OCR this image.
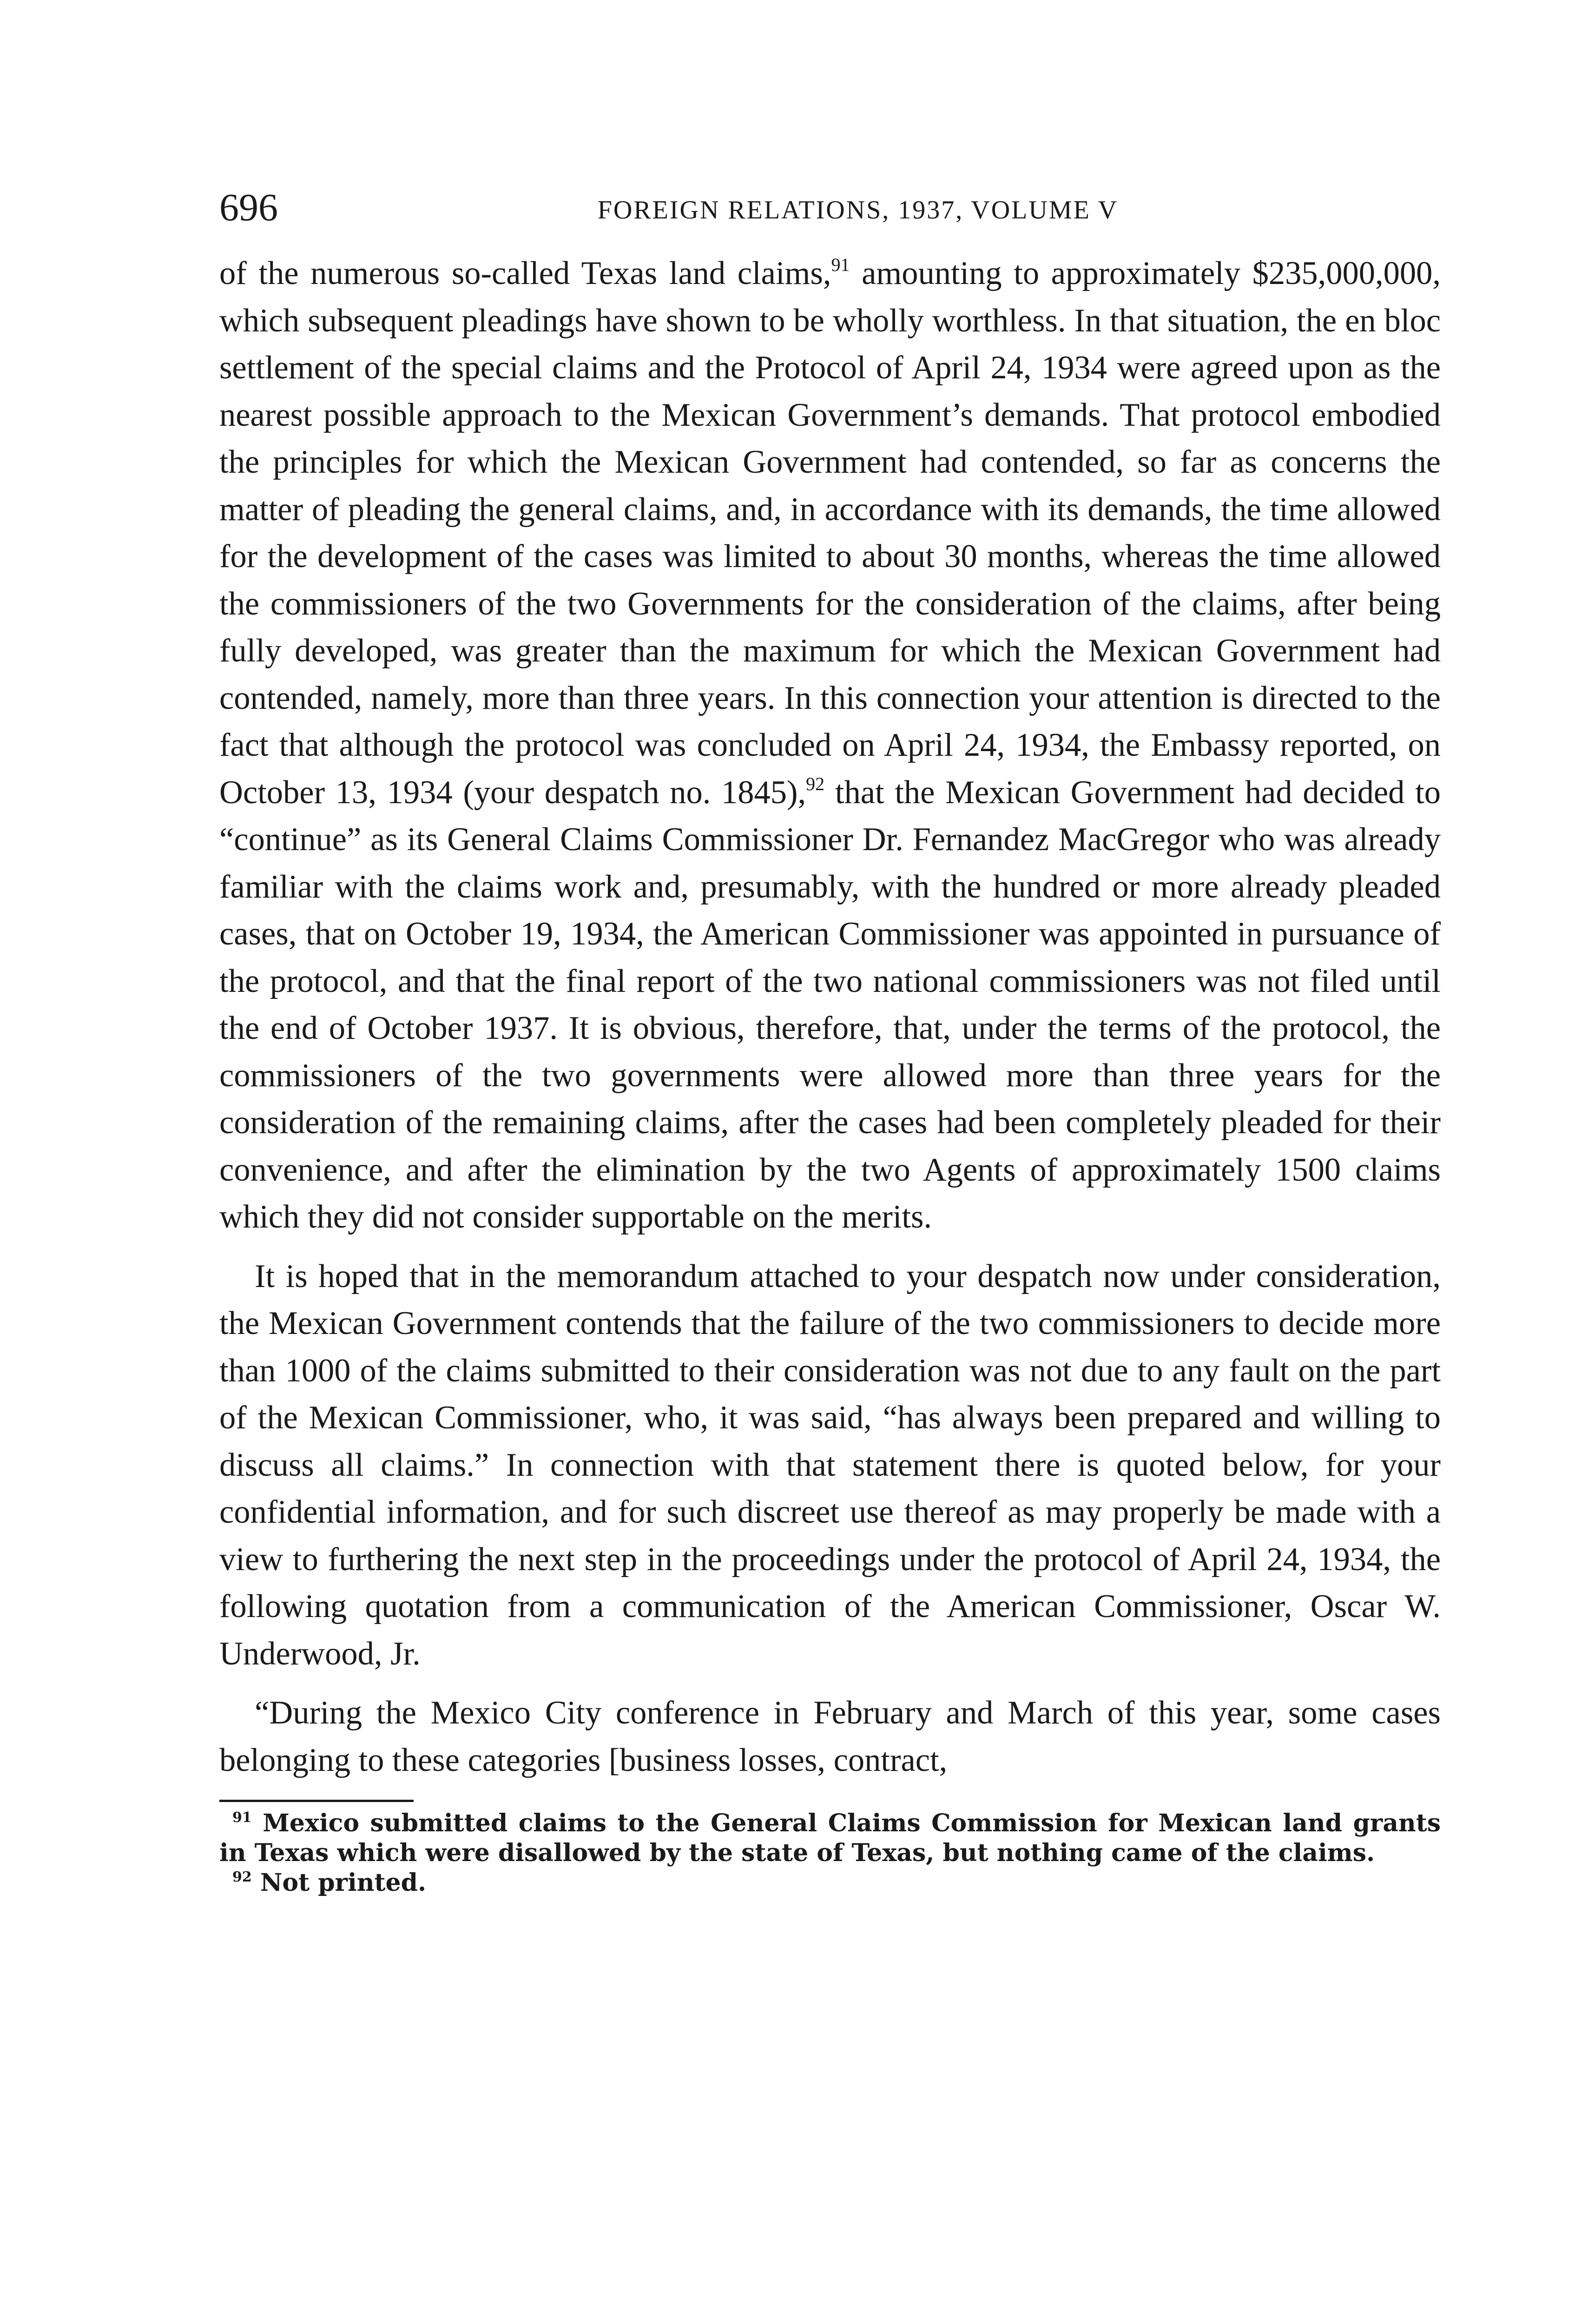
696	FOREIGN RELATIONS, 1937, VOLUME V

of the numerous so-called Texas land claims,$^{91}$ amounting to approximately $235,000,000, which subsequent pleadings have shown to be wholly worthless. In that situation, the en bloc settlement of the special claims and the Protocol of April 24, 1934 were agreed upon as the nearest possible approach to the Mexican Government’s demands. That protocol embodied the principles for which the Mexican Government had contended, so far as concerns the matter of pleading the general claims, and, in accordance with its demands, the time allowed for the development of the cases was limited to about 30 months, whereas the time allowed the commissioners of the two Governments for the consideration of the claims, after being fully developed, was greater than the maximum for which the Mexican Government had contended, namely, more than three years. In this connection your attention is directed to the fact that although the protocol was concluded on April 24, 1934, the Embassy reported, on October 13, 1934 (your despatch no. 1845),$^{92}$ that the Mexican Government had decided to “continue” as its General Claims Commissioner Dr. Fernandez MacGregor who was already familiar with the claims work and, presumably, with the hundred or more already pleaded cases, that on October 19, 1934, the American Commissioner was appointed in pursuance of the protocol, and that the final report of the two national commissioners was not filed until the end of October 1937. It is obvious, therefore, that, under the terms of the protocol, the commissioners of the two governments were allowed more than three years for the consideration of the remaining claims, after the cases had been completely pleaded for their convenience, and after the elimination by the two Agents of approximately 1500 claims which they did not consider supportable on the merits.

It is hoped that in the memorandum attached to your despatch now under consideration, the Mexican Government contends that the failure of the two commissioners to decide more than 1000 of the claims submitted to their consideration was not due to any fault on the part of the Mexican Commissioner, who, it was said, “has always been prepared and willing to discuss all claims.” In connection with that statement there is quoted below, for your confidential information, and for such discreet use thereof as may properly be made with a view to furthering the next step in the proceedings under the protocol of April 24, 1934, the following quotation from a communication of the American Commissioner, Oscar W. Underwood, Jr.

“During the Mexico City conference in February and March of this year, some cases belonging to these categories [business losses, contract,

$^{91}$ Mexico submitted claims to the General Claims Commission for Mexican land grants in Texas which were disallowed by the state of Texas, but nothing came of the claims.

$^{92}$ Not printed.
